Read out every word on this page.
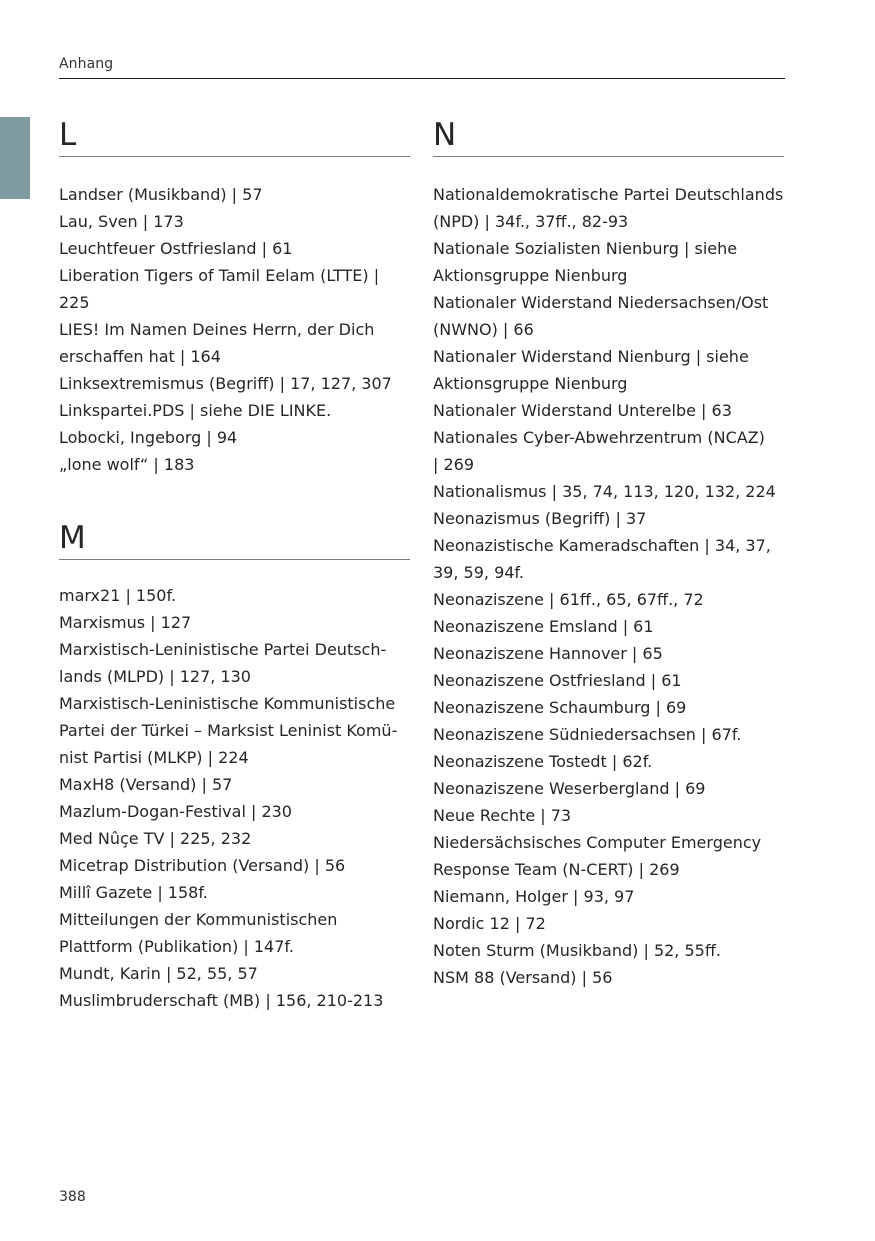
Anhang
L
Landser (Musikband) | 57
Lau, Sven | 173
Leuchtfeuer Ostfriesland | 61
Liberation Tigers of Tamil Eelam (LTTE) |
225
LIES! Im Namen Deines Herrn, der Dich
erschaffen hat | 164
Linksextremismus (Begriff) | 17, 127, 307
Linkspartei.PDS | siehe DIE LINKE.
Lobocki, Ingeborg | 94
„lone wolf“ | 183
M
marx21 | 150f.
Marxismus | 127
Marxistisch-Leninistische Partei Deutsch-
lands (MLPD) | 127, 130
Marxistisch-Leninistische Kommunistische
Partei der Türkei – Marksist Leninist Komü-
nist Partisi (MLKP) | 224
MaxH8 (Versand) | 57
Mazlum-Dogan-Festival | 230
Med Nûçe TV | 225, 232
Micetrap Distribution (Versand) | 56
Millî Gazete | 158f.
Mitteilungen der Kommunistischen
Plattform (Publikation) | 147f.
Mundt, Karin | 52, 55, 57
Muslimbruderschaft (MB) | 156, 210-213
N
Nationaldemokratische Partei Deutschlands
(NPD) | 34f., 37ff., 82-93
Nationale Sozialisten Nienburg | siehe
Aktionsgruppe Nienburg
Nationaler Widerstand Niedersachsen/Ost
(NWNO) | 66
Nationaler Widerstand Nienburg | siehe
Aktionsgruppe Nienburg
Nationaler Widerstand Unterelbe | 63
Nationales Cyber-Abwehrzentrum (NCAZ)
| 269
Nationalismus | 35, 74, 113, 120, 132, 224
Neonazismus (Begriff) | 37
Neonazistische Kameradschaften | 34, 37,
39, 59, 94f.
Neonaziszene | 61ff., 65, 67ff., 72
Neonaziszene Emsland | 61
Neonaziszene Hannover | 65
Neonaziszene Ostfriesland | 61
Neonaziszene Schaumburg | 69
Neonaziszene Südniedersachsen | 67f.
Neonaziszene Tostedt | 62f.
Neonaziszene Weserbergland | 69
Neue Rechte | 73
Niedersächsisches Computer Emergency
Response Team (N-CERT) | 269
Niemann, Holger | 93, 97
Nordic 12 | 72
Noten Sturm (Musikband) | 52, 55ff.
NSM 88 (Versand) | 56
388
